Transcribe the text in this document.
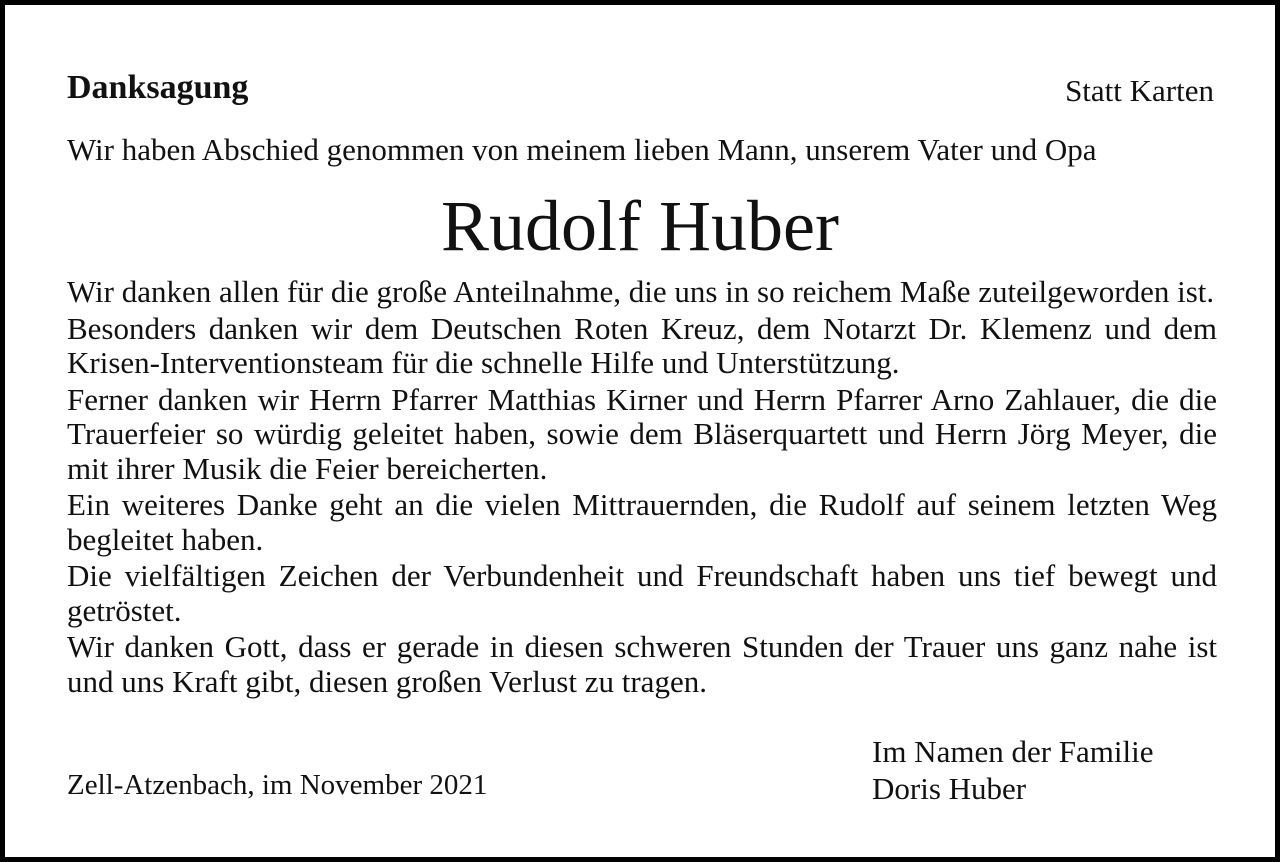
Danksagung	Statt Karten
Wir haben Abschied genommen von meinem lieben Mann, unserem Vater und Opa
Rudolf Huber

Wir danken allen für die große Anteilnahme, die uns in so reichem Maße zuteilgeworden ist.

Besonders danken wir dem Deutschen Roten Kreuz, dem Notarzt Dr. Klemenz und dem Krisen-Interventionsteam für die schnelle Hilfe und Unterstützung.

Ferner danken wir Herrn Pfarrer Matthias Kirner und Herrn Pfarrer Arno Zahlauer, die die Trauerfeier so würdig geleitet haben, sowie dem Bläserquartett und Herrn Jörg Meyer, die mit ihrer Musik die Feier bereicherten.

Ein weiteres Danke geht an die vielen Mittrauernden, die Rudolf auf seinem letzten Weg begleitet haben.

Die vielfältigen Zeichen der Verbundenheit und Freundschaft haben uns tief bewegt und getröstet.

Wir danken Gott, dass er gerade in diesen schweren Stunden der Trauer uns ganz nahe ist und uns Kraft gibt, diesen großen Verlust zu tragen.

Zell-Atzenbach, im November 2021
Im Namen der Familie
Doris Huber
